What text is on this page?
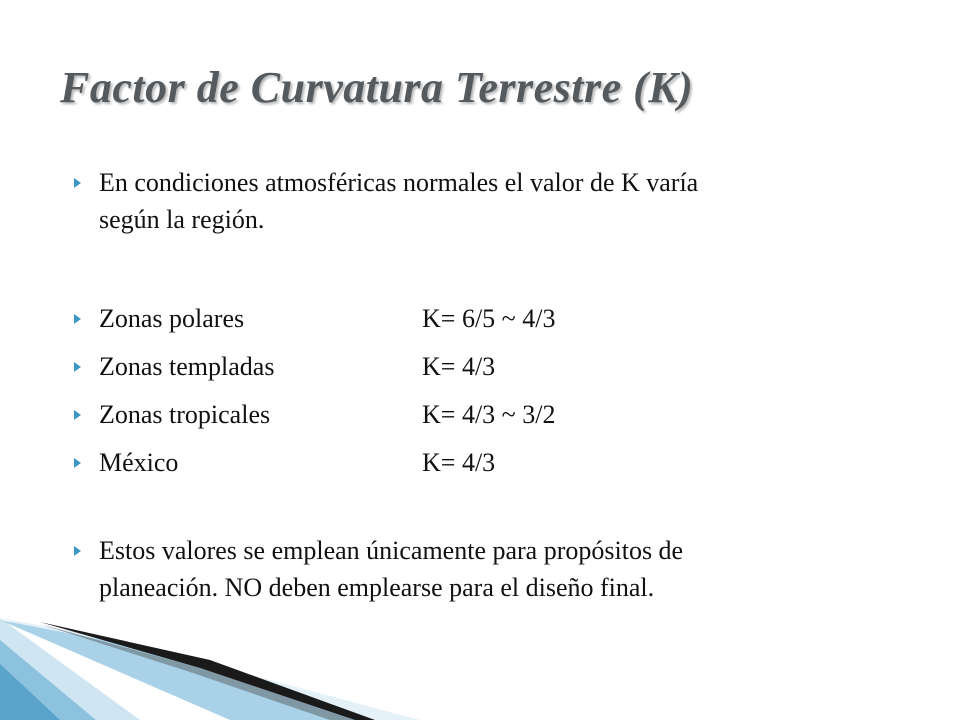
Factor de Curvatura Terrestre (K)
En condiciones atmosféricas normales el valor de K varía
según la región.
Zonas polares	K= 6/5 ~ 4/3
Zonas templadas	K= 4/3
Zonas tropicales	K= 4/3 ~ 3/2
México	K= 4/3
Estos valores se emplean únicamente para propósitos de
planeación. NO deben emplearse para el diseño final.
